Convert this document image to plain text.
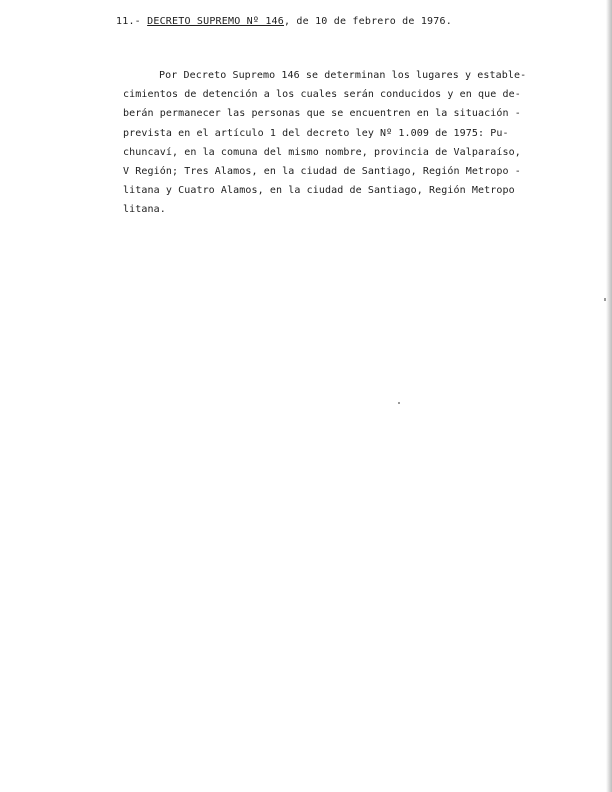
11.- DECRETO SUPREMO Nº 146, de 10 de febrero de 1976.
Por Decreto Supremo 146 se determinan los lugares y estable-
cimientos de detención a los cuales serán conducidos y en que de-
berán permanecer las personas que se encuentren en la situación -
prevista en el artículo 1 del decreto ley Nº 1.009 de 1975: Pu-
chuncaví, en la comuna del mismo nombre, provincia de Valparaíso,
V Región; Tres Alamos, en la ciudad de Santiago, Región Metropo -
litana y Cuatro Alamos, en la ciudad de Santiago, Región Metropo
litana.
